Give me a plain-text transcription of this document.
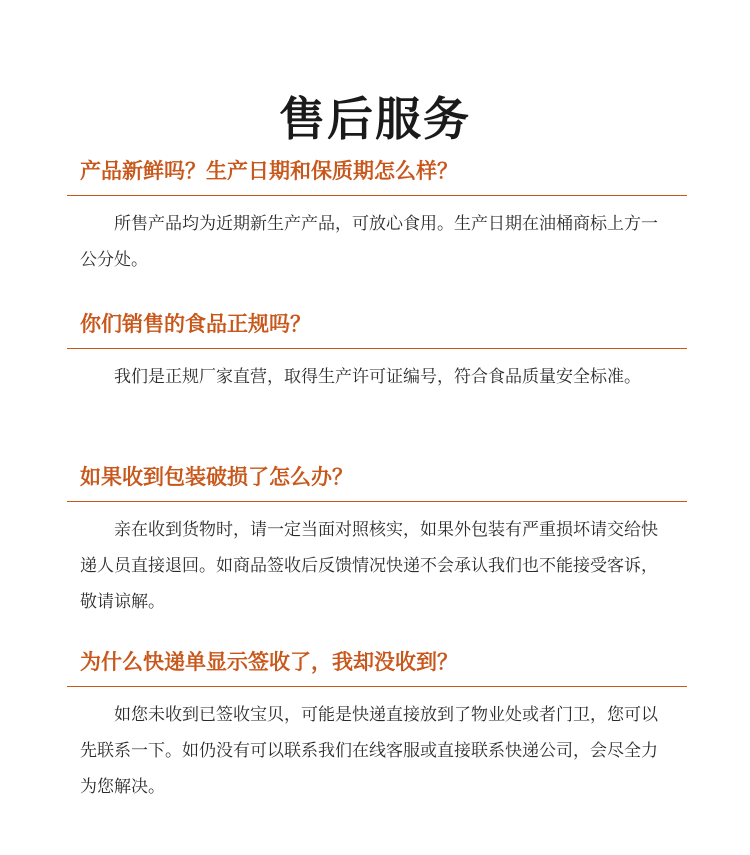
售后服务
产品新鲜吗？生产日期和保质期怎么样？

所售产品均为近期新生产产品，可放心食用。生产日期在油桶商标上方一公分处。

你们销售的食品正规吗？

我们是正规厂家直营，取得生产许可证编号，符合食品质量安全标准。

如果收到包装破损了怎么办？

亲在收到货物时，请一定当面对照核实，如果外包装有严重损坏请交给快递人员直接退回。如商品签收后反馈情况快递不会承认我们也不能接受客诉，敬请谅解。

为什么快递单显示签收了，我却没收到？

如您未收到已签收宝贝，可能是快递直接放到了物业处或者门卫，您可以先联系一下。如仍没有可以联系我们在线客服或直接联系快递公司，会尽全力为您解决。
